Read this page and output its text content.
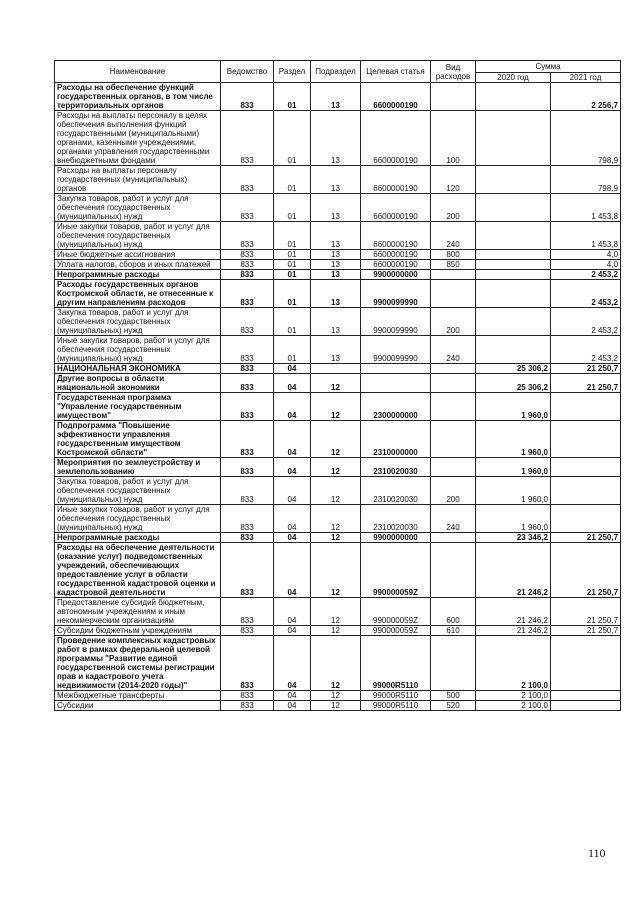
Наименование	Ведомство	Раздел	Подраздел	Целевая статья	Вид расходов	Сумма	
						2020 год	2021 год
Расходы на обеспечение функций государственных органов, в том числе территориальных органов	833	01	13	6600000190			2 256,7
Расходы на выплаты персоналу в целях обеспечения выполнения функций государственными (муниципальными) органами, казенными учреждениями, органами управления государственными внебюджетными фондами	833	01	13	6600000190	100		798,9
Расходы на выплаты персоналу государственных (муниципальных) органов	833	01	13	6600000190	120		798,9
Закупка товаров, работ и услуг для обеспечения государственных (муниципальных) нужд	833	01	13	6600000190	200		1 453,8
Иные закупки товаров, работ и услуг для обеспечения государственных (муниципальных) нужд	833	01	13	6600000190	240		1 453,8
Иные бюджетные ассигнования	833	01	13	6600000190	800		4,0
Уплата налогов, сборов и иных платежей	833	01	13	6600000190	850		4,0
Непрограммные расходы	833	01	13	9900000000			2 453,2
Расходы государственных органов Костромской области, не отнесенные к другим направлениям расходов	833	01	13	9900099990			2 453,2
Закупка товаров, работ и услуг для обеспечения государственных (муниципальных) нужд	833	01	13	9900099990	200		2 453,2
Иные закупки товаров, работ и услуг для обеспечения государственных (муниципальных) нужд	833	01	13	9900099990	240		2 453,2
НАЦИОНАЛЬНАЯ ЭКОНОМИКА	833	04				25 306,2	21 250,7
Другие вопросы в области национальной экономики	833	04	12			25 306,2	21 250,7
Государственная программа "Управление государственным имуществом"	833	04	12	2300000000		1 960,0	
Подпрограмма "Повышение эффективности управления государственным имуществом Костромской области"	833	04	12	2310000000		1 960,0	
Мероприятия по землеустройству и землепользованию	833	04	12	2310020030		1 960,0	
Закупка товаров, работ и услуг для обеспечения государственных (муниципальных) нужд	833	04	12	2310020030	200	1 960,0	
Иные закупки товаров, работ и услуг для обеспечения государственных (муниципальных) нужд	833	04	12	2310020030	240	1 960,0	
Непрограммные расходы	833	04	12	9900000000		23 346,2	21 250,7
Расходы на обеспечение деятельности (оказание услуг) подведомственных учреждений, обеспечивающих предоставление услуг в области государственной кадастровой оценки и кадастровой деятельности	833	04	12	990000059Z		21 246,2	21 250,7
Предоставление субсидий бюджетным, автономным учреждениям и иным некоммерческим организациям	833	04	12	990000059Z	600	21 246,2	21 250,7
Субсидии бюджетным учреждениям	833	04	12	990000059Z	610	21 246,2	21 250,7
Проведение комплексных кадастровых работ в рамках федеральной целевой программы "Развитие единой государственной системы регистрации прав и кадастрового учета недвижимости (2014-2020 годы)"	833	04	12	99000R5110		2 100,0	
Межбюджетные трансферты	833	04	12	99000R5110	500	2 100,0	
Субсидии	833	04	12	99000R5110	520	2 100,0	
110
